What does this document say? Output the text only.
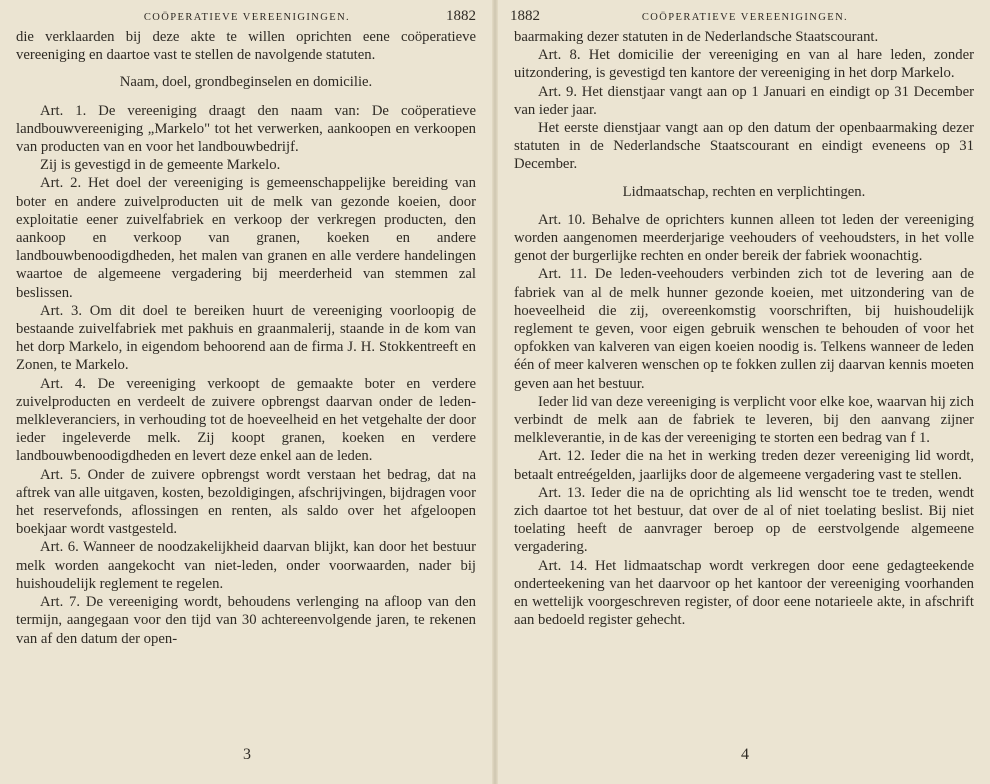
COÖPERATIEVE VEREENIGINGEN.	1882

die verklaarden bij deze akte te willen oprichten eene coöperatieve vereeniging en daartoe vast te stellen de navolgende statuten.

Naam, doel, grondbeginselen en domicilie.

Art. 1. De vereeniging draagt den naam van: De coöperatieve landbouwvereeniging „Markelo" tot het verwerken, aankoopen en verkoopen van producten van en voor het landbouwbedrijf.

Zij is gevestigd in de gemeente Markelo.

Art. 2. Het doel der vereeniging is gemeenschappelijke bereiding van boter en andere zuivelproducten uit de melk van gezonde koeien, door exploitatie eener zuivelfabriek en verkoop der verkregen producten, den aankoop en verkoop van granen, koeken en andere landbouwbenoodigdheden, het malen van granen en alle verdere handelingen waartoe de algemeene vergadering bij meerderheid van stemmen zal beslissen.

Art. 3. Om dit doel te bereiken huurt de vereeniging voorloopig de bestaande zuivelfabriek met pakhuis en graanmalerij, staande in de kom van het dorp Markelo, in eigendom behoorend aan de firma J. H. Stokkentreeft en Zonen, te Markelo.

Art. 4. De vereeniging verkoopt de gemaakte boter en verdere zuivelproducten en verdeelt de zuivere opbrengst daarvan onder de leden-melkleveranciers, in verhouding tot de hoeveelheid en het vetgehalte der door ieder ingeleverde melk. Zij koopt granen, koeken en verdere landbouwbenoodigdheden en levert deze enkel aan de leden.

Art. 5. Onder de zuivere opbrengst wordt verstaan het bedrag, dat na aftrek van alle uitgaven, kosten, bezoldigingen, afschrijvingen, bijdragen voor het reservefonds, aflossingen en renten, als saldo over het afgeloopen boekjaar wordt vastgesteld.

Art. 6. Wanneer de noodzakelijkheid daarvan blijkt, kan door het bestuur melk worden aangekocht van niet-leden, onder voorwaarden, nader bij huishoudelijk reglement te regelen.

Art. 7. De vereeniging wordt, behoudens verlenging na afloop van den termijn, aangegaan voor den tijd van 30 achtereenvolgende jaren, te rekenen van af den datum der open-

3
1882	COÖPERATIEVE VEREENIGINGEN.

baarmaking dezer statuten in de Nederlandsche Staatscourant.

Art. 8. Het domicilie der vereeniging en van al hare leden, zonder uitzondering, is gevestigd ten kantore der vereeniging in het dorp Markelo.

Art. 9. Het dienstjaar vangt aan op 1 Januari en eindigt op 31 December van ieder jaar.

Het eerste dienstjaar vangt aan op den datum der openbaarmaking dezer statuten in de Nederlandsche Staatscourant en eindigt eveneens op 31 December.

Lidmaatschap, rechten en verplichtingen.

Art. 10. Behalve de oprichters kunnen alleen tot leden der vereeniging worden aangenomen meerderjarige veehouders of veehoudsters, in het volle genot der burgerlijke rechten en onder bereik der fabriek woonachtig.

Art. 11. De leden-veehouders verbinden zich tot de levering aan de fabriek van al de melk hunner gezonde koeien, met uitzondering van de hoeveelheid die zij, overeenkomstig voorschriften, bij huishoudelijk reglement te geven, voor eigen gebruik wenschen te behouden of voor het opfokken van kalveren van eigen koeien noodig is. Telkens wanneer de leden één of meer kalveren wenschen op te fokken zullen zij daarvan kennis moeten geven aan het bestuur.

Ieder lid van deze vereeniging is verplicht voor elke koe, waarvan hij zich verbindt de melk aan de fabriek te leveren, bij den aanvang zijner melkleverantie, in de kas der vereeniging te storten een bedrag van f 1.

Art. 12. Ieder die na het in werking treden dezer vereeniging lid wordt, betaalt entreégelden, jaarlijks door de algemeene vergadering vast te stellen.

Art. 13. Ieder die na de oprichting als lid wenscht toe te treden, wendt zich daartoe tot het bestuur, dat over de al of niet toelating beslist. Bij niet toelating heeft de aanvrager beroep op de eerstvolgende algemeene vergadering.

Art. 14. Het lidmaatschap wordt verkregen door eene gedagteekende onderteekening van het daarvoor op het kantoor der vereeniging voorhanden en wettelijk voorgeschreven register, of door eene notarieele akte, in afschrift aan bedoeld register gehecht.

4
